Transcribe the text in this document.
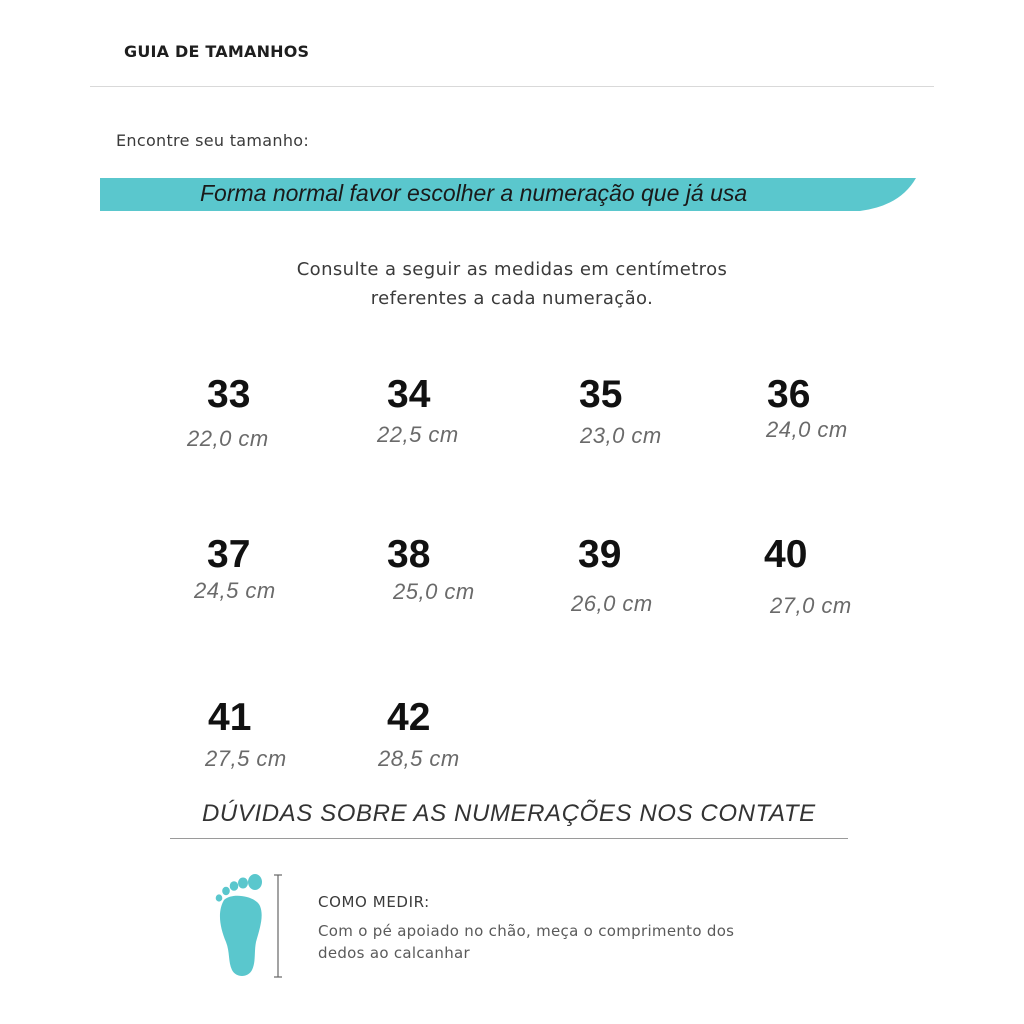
GUIA DE TAMANHOS
Encontre seu tamanho:
Forma normal favor escolher a numeração que já usa
Consulte a seguir as medidas em centímetros
referentes a cada numeração.
33
22,0 cm
34
22,5 cm
35
23,0 cm
36
24,0 cm
37
24,5 cm
38
25,0 cm
39
26,0 cm
40
27,0 cm
41
27,5 cm
42
28,5 cm
DÚVIDAS SOBRE AS NUMERAÇÕES NOS CONTATE
COMO MEDIR:
Com o pé apoiado no chão, meça o comprimento dos
dedos ao calcanhar
